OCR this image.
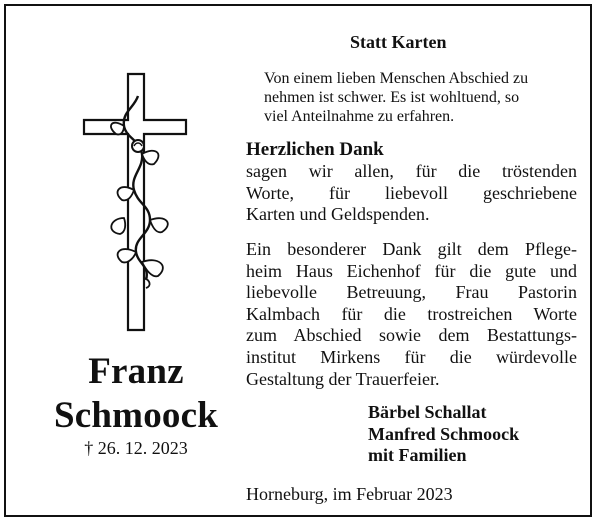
Franz
Schmoock
† 26. 12. 2023
Statt Karten
Von einem lieben Menschen Abschied zu
nehmen ist schwer. Es ist wohltuend, so
viel Anteilnahme zu erfahren.
Herzlichen Dank
sagen wir allen, für die tröstenden
Worte, für liebevoll geschriebene
Karten und Geldspenden.
Ein besonderer Dank gilt dem Pflege-
heim Haus Eichenhof für die gute und
liebevolle Betreuung, Frau Pastorin
Kalmbach für die trostreichen Worte
zum Abschied sowie dem Bestattungs-
institut Mirkens für die würdevolle
Gestaltung der Trauerfeier.
Bärbel Schallat
Manfred Schmoock
mit Familien
Horneburg, im Februar 2023
